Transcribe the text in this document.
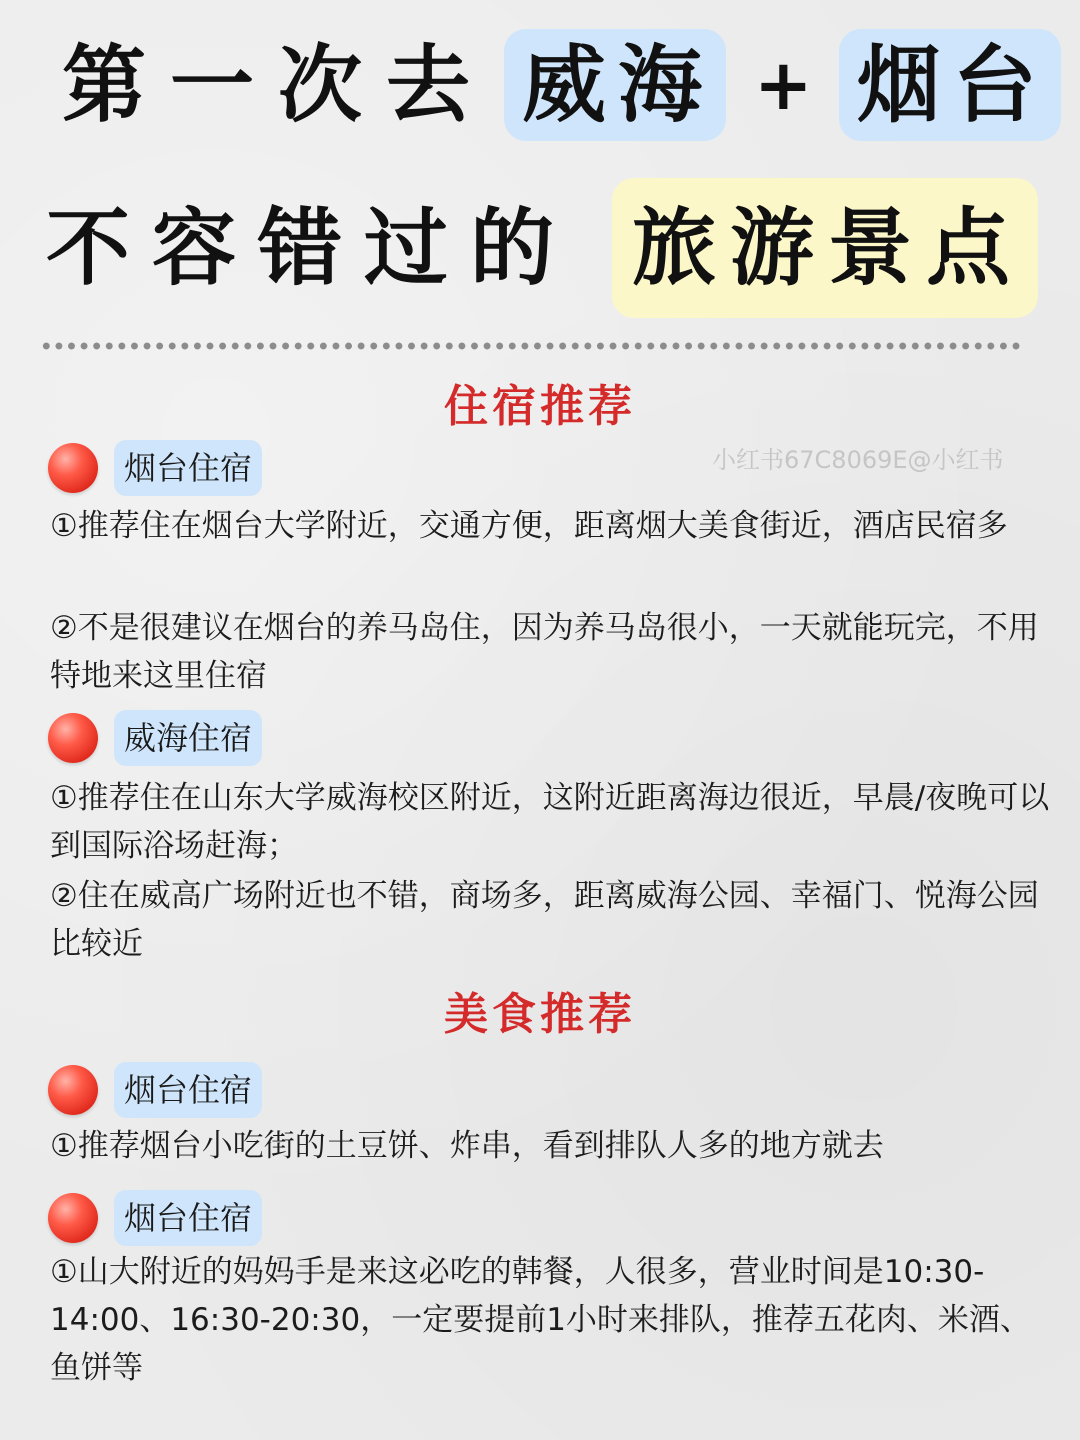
第一次去 威海 + 烟台
不容错过的 旅游景点
住宿推荐
小红书67C8069E@小红书
烟台住宿
①推荐住在烟台大学附近，交通方便，距离烟大美食街近，酒店民宿多
②不是很建议在烟台的养马岛住，因为养马岛很小，一天就能玩完，不用特地来这里住宿
威海住宿
①推荐住在山东大学威海校区附近，这附近距离海边很近，早晨/夜晚可以到国际浴场赶海；
②住在威高广场附近也不错，商场多，距离威海公园、幸福门、悦海公园比较近
美食推荐
烟台住宿
①推荐烟台小吃街的土豆饼、炸串，看到排队人多的地方就去
烟台住宿
①山大附近的妈妈手是来这必吃的韩餐，人很多，营业时间是10:30-14:00、16:30-20:30，一定要提前1小时来排队，推荐五花肉、米酒、鱼饼等
